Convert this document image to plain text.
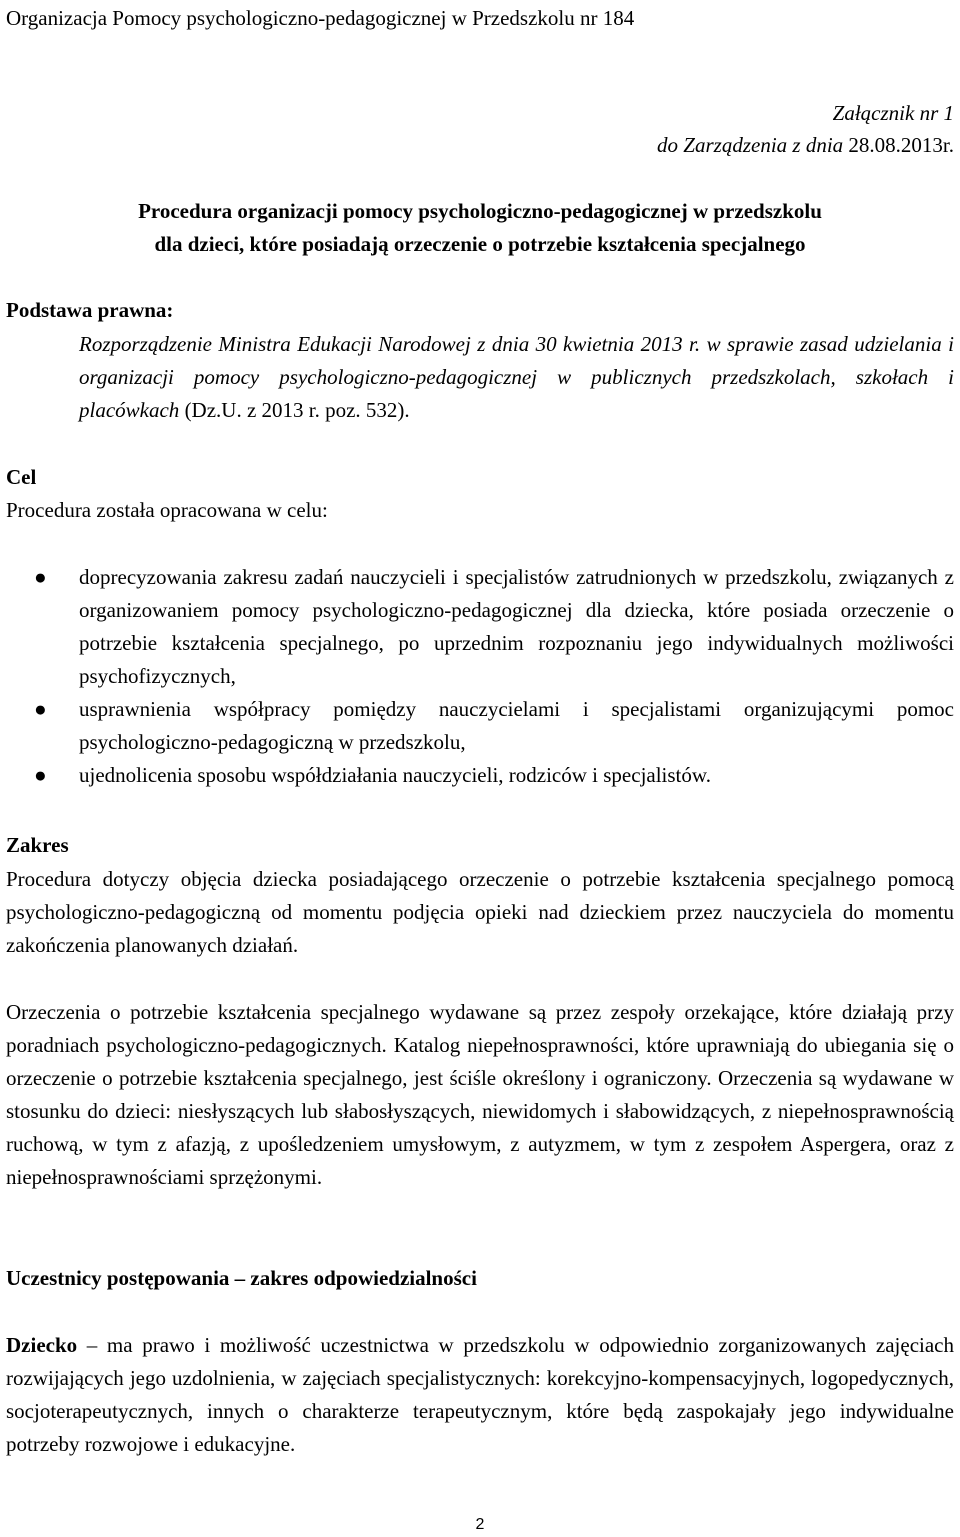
Organizacja Pomocy psychologiczno-pedagogicznej w Przedszkolu nr 184
Załącznik nr 1
do Zarządzenia z dnia 28.08.2013r.
Procedura organizacji pomocy psychologiczno-pedagogicznej w przedszkolu
dla dzieci, które posiadają orzeczenie o potrzebie kształcenia specjalnego
Podstawa prawna:
Rozporządzenie Ministra Edukacji Narodowej z dnia 30 kwietnia 2013 r. w sprawie zasad udzielania i organizacji pomocy psychologiczno-pedagogicznej w publicznych przedszkolach, szkołach i placówkach (Dz.U. z 2013 r. poz. 532).
Cel
Procedura została opracowana w celu:
● doprecyzowania zakresu zadań nauczycieli i specjalistów zatrudnionych w przedszkolu, związanych z organizowaniem pomocy psychologiczno-pedagogicznej dla dziecka, które posiada orzeczenie o potrzebie kształcenia specjalnego, po uprzednim rozpoznaniu jego indywidualnych możliwości psychofizycznych,
● usprawnienia współpracy pomiędzy nauczycielami i specjalistami organizującymi pomoc psychologiczno-pedagogiczną w przedszkolu,
● ujednolicenia sposobu współdziałania nauczycieli, rodziców i specjalistów.
Zakres
Procedura dotyczy objęcia dziecka posiadającego orzeczenie o potrzebie kształcenia specjalnego pomocą psychologiczno-pedagogiczną od momentu podjęcia opieki nad dzieckiem przez nauczyciela do momentu zakończenia planowanych działań.
Orzeczenia o potrzebie kształcenia specjalnego wydawane są przez zespoły orzekające, które działają przy poradniach psychologiczno-pedagogicznych. Katalog niepełnosprawności, które uprawniają do ubiegania się o orzeczenie o potrzebie kształcenia specjalnego, jest ściśle określony i ograniczony. Orzeczenia są wydawane w stosunku do dzieci: niesłyszących lub słabosłyszących, niewidomych i słabowidzących, z niepełnosprawnością ruchową, w tym z afazją, z upośledzeniem umysłowym, z autyzmem, w tym z zespołem Aspergera, oraz z niepełnosprawnościami sprzężonymi.
Uczestnicy postępowania – zakres odpowiedzialności
Dziecko – ma prawo i możliwość uczestnictwa w przedszkolu w odpowiednio zorganizowanych zajęciach rozwijających jego uzdolnienia, w zajęciach specjalistycznych: korekcyjno-kompensacyjnych, logopedycznych, socjoterapeutycznych, innych o charakterze terapeutycznym, które będą zaspokajały jego indywidualne potrzeby rozwojowe i edukacyjne.
2
